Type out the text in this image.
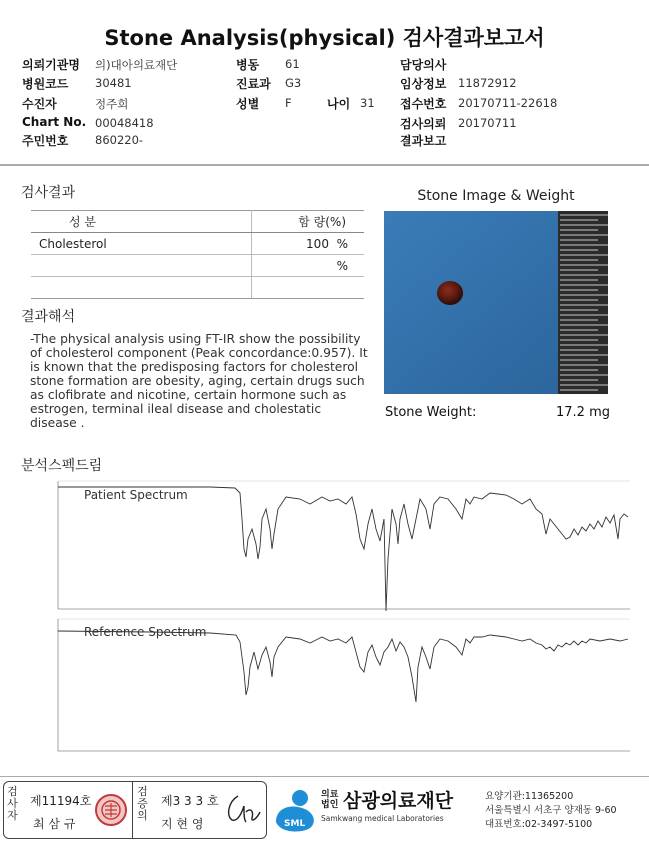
Stone Analysis(physical) 검사결과보고서
의뢰기관명 의)대아의료재단
병원코드 30481
수진자	정주희
Chart No. 00048418
주민번호 860220-
병동 61
진료과 G3
성별 F	나이 31
담당의사
임상정보 11872912
접수번호 20170711-22618
검사의뢰 20170711
결과보고
검사결과
성 분	함 량(%)
Cholesterol	100 %
	%

결과해석
-The physical analysis using FT-IR show the possibility of cholesterol component (Peak concordance:0.957). It is known that the predisposing factors for cholesterol stone formation are obesity, aging, certain drugs such as clofibrate and nicotine, certain hormone such as estrogen, terminal ileal disease and cholestatic disease .
Stone Image & Weight
Stone Weight:	17.2 mg
분석스펙드림
Patient Spectrum
Reference Spectrum
검사자
제11194호
최 삼 규
검증의
제3 3 3 호
지 현 영	SML
의료법인 삼광의료재단
Samkwang medical Laboratories
요양기관:11365200
서울특별시 서초구 양재동 9-60
대표번호:02-3497-5100
